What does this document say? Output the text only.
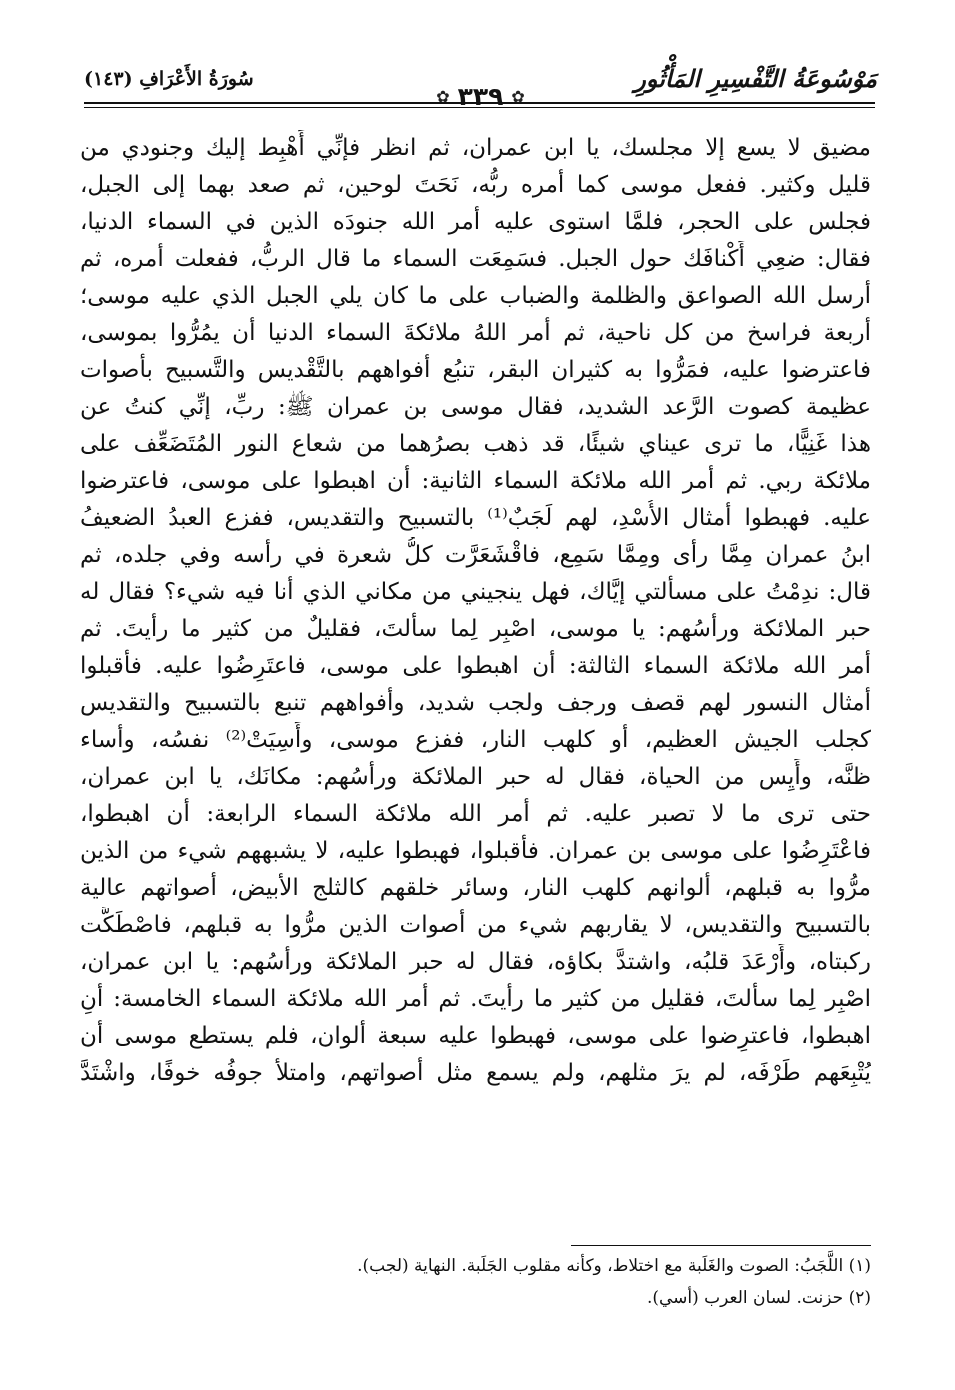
مَوْسُوعَةُ التَّفْسِيرِ المَأْثُورِ
✿
٣٣٩
✿
سُورَةُ الأَعْرَافِ (١٤٣)
مضيق لا يسع إلا مجلسك، يا ابن عمران، ثم انظر فإنِّي أَهْبِط إليك وجنودي من
قليل وكثير. ففعل موسى كما أمره ربُّه، نَحَتَ لوحين، ثم صعد بهما إلى الجبل،
فجلس على الحجر، فلمَّا استوى عليه أمر الله جنودَه الذين في السماء الدنيا،
فقال: ضعِي أَكْنافَك حول الجبل. فسَمِعَت السماء ما قال الربُّ، ففعلت أمره، ثم
أرسل الله الصواعق والظلمة والضباب على ما كان يلي الجبل الذي عليه موسى؛
أربعة فراسخ من كل ناحية، ثم أمر اللهُ ملائكةَ السماء الدنيا أن يمُرُّوا بموسى،
فاعترضوا عليه، فمَرُّوا به كثيران البقر، تنبُع أفواههم بالتَّقْديس والتَّسبيح بأصوات
عظيمة كصوت الرَّعد الشديد، فقال موسى بن عمران ﷺ: ربِّ، إنِّي كنتُ عن
هذا غَنِيًّا، ما ترى عيناي شيئًا، قد ذهب بصرُهما من شعاع النور المُتَضَعِّف على
ملائكة ربي. ثم أمر الله ملائكة السماء الثانية: أن اهبطوا على موسى، فاعترضوا
عليه. فهبطوا أمثال الأُسْدِ، لهم لَجَبٌ⁽¹⁾ بالتسبيح والتقديس، ففزع العبدُ الضعيفُ
ابنُ عمران مِمَّا رأى ومِمَّا سَمِع، فاقْشَعَرَّت كلُّ شعرة في رأسه وفي جلده، ثم
قال: ندِمْتُ على مسألتي إيَّاك، فهل ينجيني من مكاني الذي أنا فيه شيء؟ فقال له
حبر الملائكة ورأسُهم: يا موسى، اصْبِر لِما سألتَ، فقليلٌ من كثير ما رأيتَ. ثم
أمر الله ملائكة السماء الثالثة: أن اهبطوا على موسى، فاعتَرِضُوا عليه. فأقبلوا
أمثال النسور لهم قصف ورجف ولجب شديد، وأفواههم تنبع بالتسبيح والتقديس
كجلب الجيش العظيم، أو كلهب النار، ففزع موسى، وأَسِيَتْ⁽²⁾ نفسُه، وأساء
ظنَّه، وأَيِس من الحياة، فقال له حبر الملائكة ورأسُهم: مكانَك، يا ابن عمران،
حتى ترى ما لا تصبر عليه. ثم أمر الله ملائكة السماء الرابعة: أن اهبطوا،
فاعْتَرِضُوا على موسى بن عمران. فأقبلوا، فهبطوا عليه، لا يشبههم شيء من الذين
مرُّوا به قبلهم، ألوانهم كلهب النار، وسائر خلقهم كالثلج الأبيض، أصواتهم عالية
بالتسبيح والتقديس، لا يقاربهم شيء من أصوات الذين مرُّوا به قبلهم، فاصْطَكَّت
ركبتاه، وأَرْعَدَ قلبُه، واشتدَّ بكاؤه، فقال له حبر الملائكة ورأسُهم: يا ابن عمران،
اصْبِر لِما سألتَ، فقليل من كثير ما رأيتَ. ثم أمر الله ملائكة السماء الخامسة: أنِ
اهبطوا، فاعترِضوا على موسى، فهبطوا عليه سبعة ألوان، فلم يستطع موسى أن
يُتْبِعَهم طَرْفَه، لم يرَ مثلهم، ولم يسمع مثل أصواتهم، وامتلأ جوفُه خوفًا، واشْتَدَّ
(١) اللَّجَبُ: الصوت والغَلَبة مع اختلاط، وكأنه مقلوب الجَلَبة. النهاية (لجب).
(٢) حزنت. لسان العرب (أسي).
